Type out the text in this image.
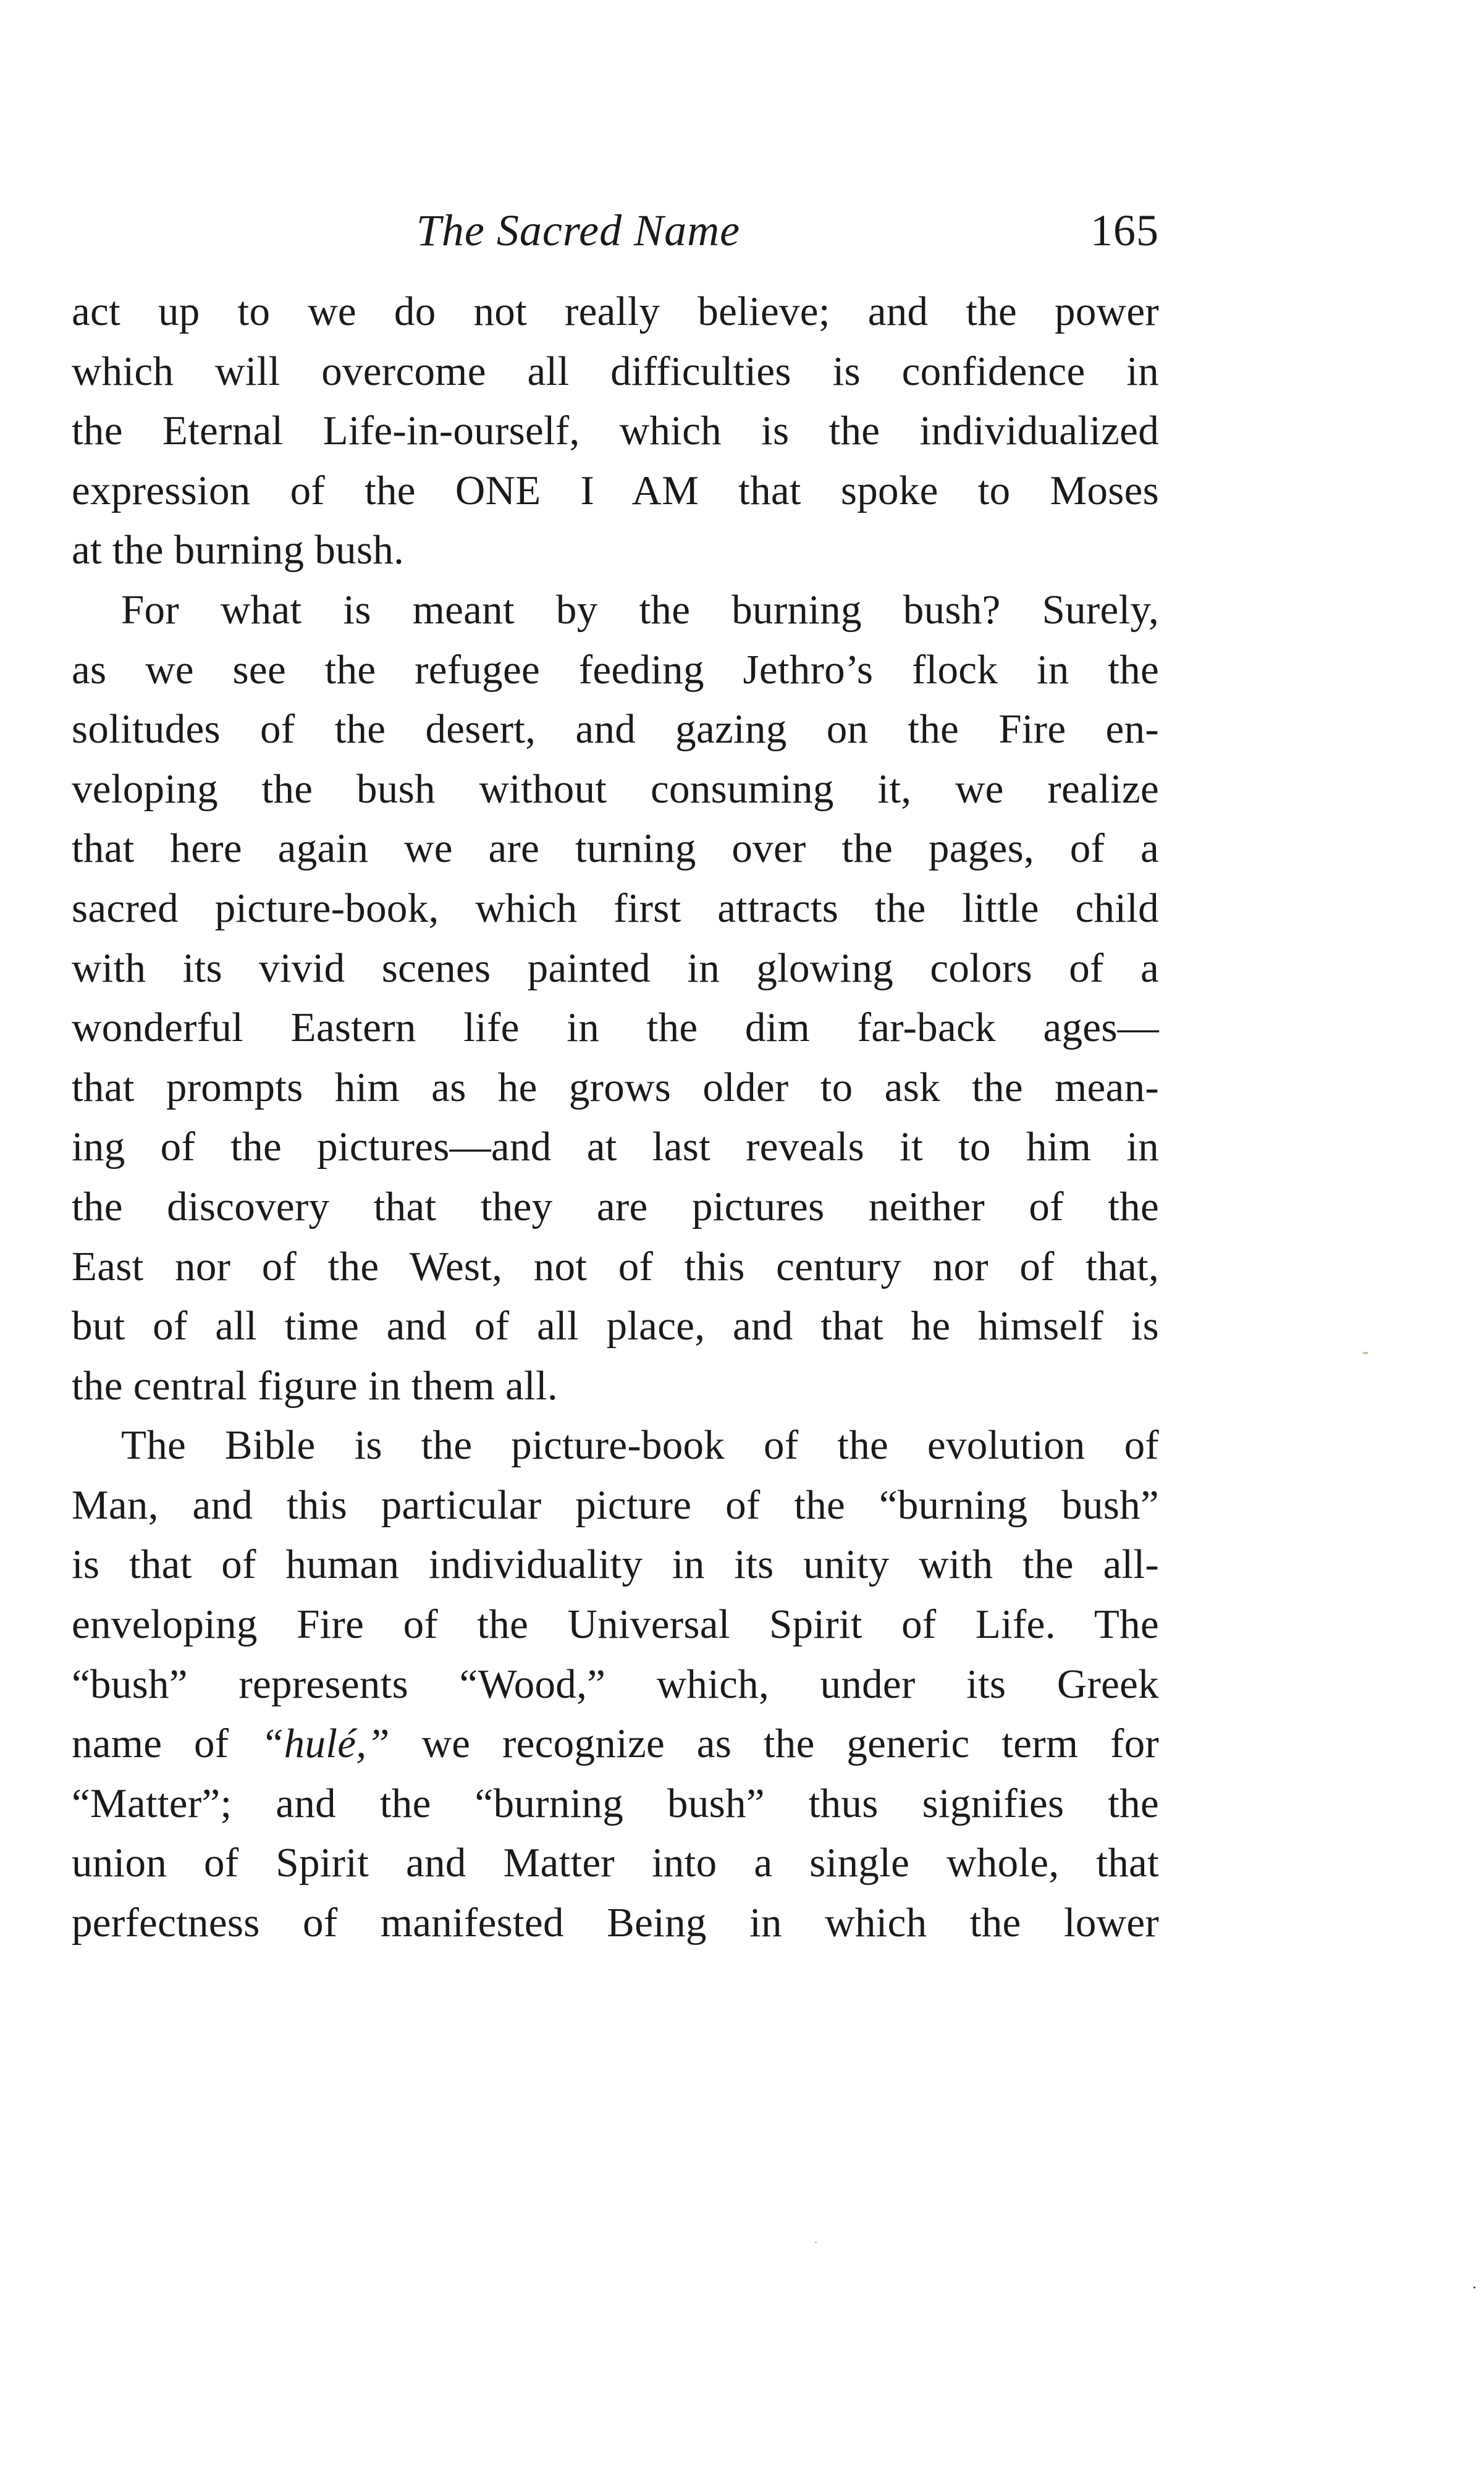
The Sacred Name	165
act up to we do not really believe; and the power
which will overcome all difficulties is confidence in
the Eternal Life-in-ourself, which is the individualized
expression of the ONE I AM that spoke to Moses
at the burning bush.
For what is meant by the burning bush? Surely,
as we see the refugee feeding Jethro’s flock in the
solitudes of the desert, and gazing on the Fire en-
veloping the bush without consuming it, we realize
that here again we are turning over the pages, of a
sacred picture-book, which first attracts the little child
with its vivid scenes painted in glowing colors of a
wonderful Eastern life in the dim far-back ages—
that prompts him as he grows older to ask the mean-
ing of the pictures—and at last reveals it to him in
the discovery that they are pictures neither of the
East nor of the West, not of this century nor of that,
but of all time and of all place, and that he himself is
the central figure in them all.
The Bible is the picture-book of the evolution of
Man, and this particular picture of the “burning bush”
is that of human individuality in its unity with the all-
enveloping Fire of the Universal Spirit of Life. The
“bush” represents “Wood,” which, under its Greek
name of “hulé,” we recognize as the generic term for
“Matter”; and the “burning bush” thus signifies the
union of Spirit and Matter into a single whole, that
perfectness of manifested Being in which the lower
